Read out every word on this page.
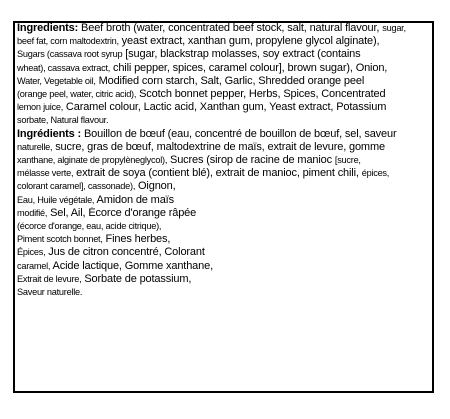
Ingredients: Beef broth (water, concentrated beef stock, salt, natural flavour, sugar,
beef fat, corn maltodextrin, yeast extract, xanthan gum, propylene glycol alginate),
Sugars (cassava root syrup [sugar, blackstrap molasses, soy extract (contains
wheat), cassava extract, chili pepper, spices, caramel colour], brown sugar), Onion,
Water, Vegetable oil, Modified corn starch, Salt, Garlic, Shredded orange peel
(orange peel, water, citric acid), Scotch bonnet pepper, Herbs, Spices, Concentrated
lemon juice, Caramel colour, Lactic acid, Xanthan gum, Yeast extract, Potassium
sorbate, Natural flavour.
Ingrédients : Bouillon de bœuf (eau, concentré de bouillon de bœuf, sel, saveur
naturelle, sucre, gras de bœuf, maltodextrine de maïs, extrait de levure, gomme
xanthane, alginate de propylèneglycol), Sucres (sirop de racine de manioc [sucre,
mélasse verte, extrait de soya (contient blé), extrait de manioc, piment chili, épices,
colorant caramel], cassonade), Oignon,
Eau, Huile végétale, Amidon de maïs
modifié, Sel, Ail, Écorce d'orange râpée
(écorce d'orange, eau, acide citrique),
Piment scotch bonnet, Fines herbes,
Épices, Jus de citron concentré, Colorant
caramel, Acide lactique, Gomme xanthane,
Extrait de levure, Sorbate de potassium,
Saveur naturelle.
